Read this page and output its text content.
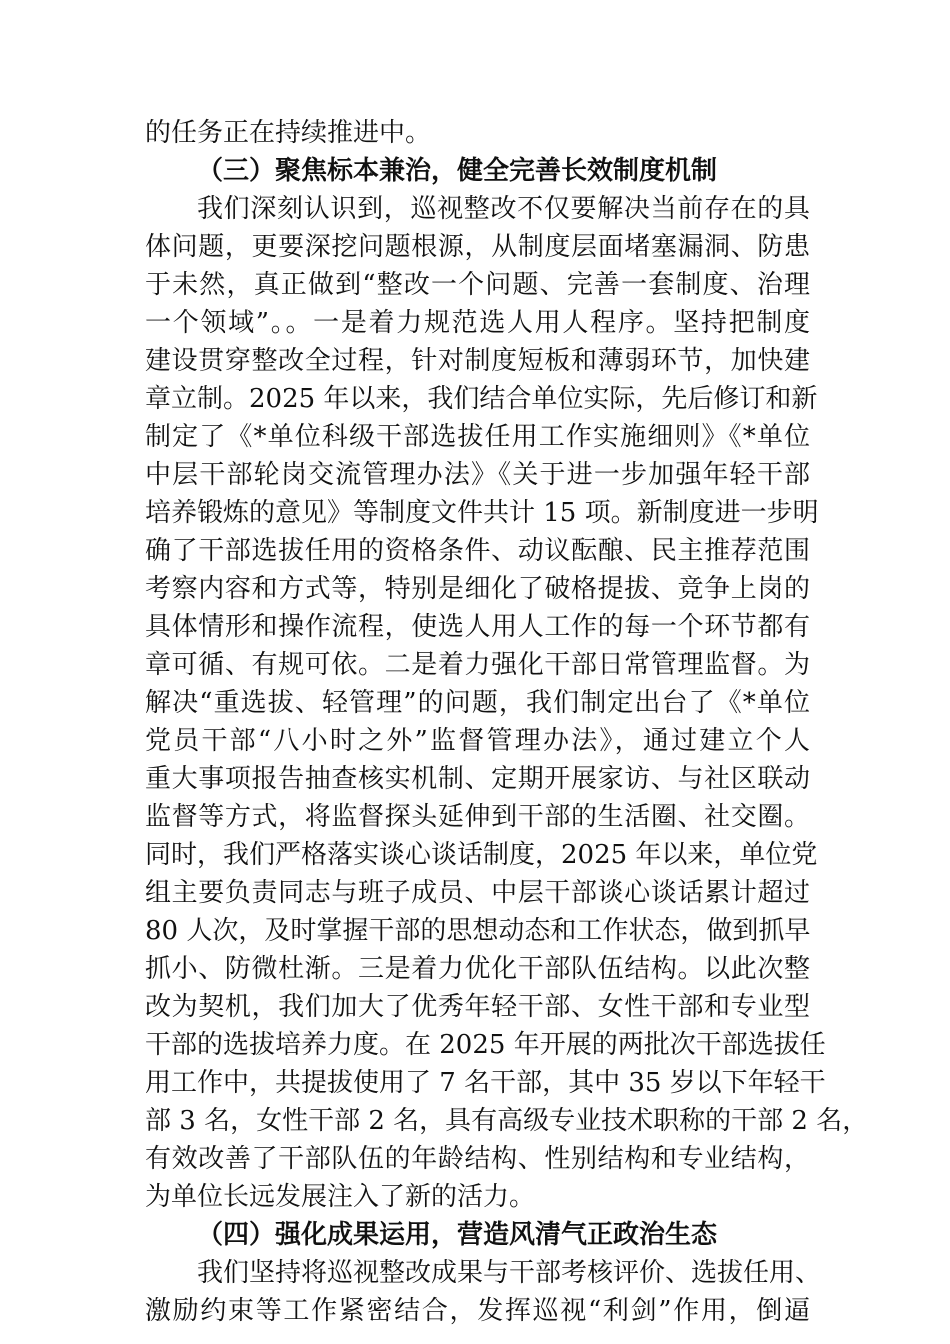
的任务正在持续推进中。
（三）聚焦标本兼治，健全完善长效制度机制
我们深刻认识到，巡视整改不仅要解决当前存在的具
体问题，更要深挖问题根源，从制度层面堵塞漏洞、防患
于未然，真正做到“整改一个问题、完善一套制度、治理
一个领域”。。一是着力规范选人用人程序。坚持把制度
建设贯穿整改全过程，针对制度短板和薄弱环节，加快建
章立制。2025 年以来，我们结合单位实际，先后修订和新
制定了《*单位科级干部选拔任用工作实施细则》《*单位
中层干部轮岗交流管理办法》《关于进一步加强年轻干部
培养锻炼的意见》等制度文件共计 15 项。新制度进一步明
确了干部选拔任用的资格条件、动议酝酿、民主推荐范围
考察内容和方式等，特别是细化了破格提拔、竞争上岗的
具体情形和操作流程，使选人用人工作的每一个环节都有
章可循、有规可依。二是着力强化干部日常管理监督。为
解决“重选拔、轻管理”的问题，我们制定出台了《*单位
党员干部“八小时之外”监督管理办法》，通过建立个人
重大事项报告抽查核实机制、定期开展家访、与社区联动
监督等方式，将监督探头延伸到干部的生活圈、社交圈。
同时，我们严格落实谈心谈话制度，2025 年以来，单位党
组主要负责同志与班子成员、中层干部谈心谈话累计超过
80 人次，及时掌握干部的思想动态和工作状态，做到抓早
抓小、防微杜渐。三是着力优化干部队伍结构。以此次整
改为契机，我们加大了优秀年轻干部、女性干部和专业型
干部的选拔培养力度。在 2025 年开展的两批次干部选拔任
用工作中，共提拔使用了 7 名干部，其中 35 岁以下年轻干
部 3 名，女性干部 2 名，具有高级专业技术职称的干部 2 名，
有效改善了干部队伍的年龄结构、性别结构和专业结构，
为单位长远发展注入了新的活力。
（四）强化成果运用，营造风清气正政治生态
我们坚持将巡视整改成果与干部考核评价、选拔任用、
激励约束等工作紧密结合，发挥巡视“利剑”作用，倒逼
